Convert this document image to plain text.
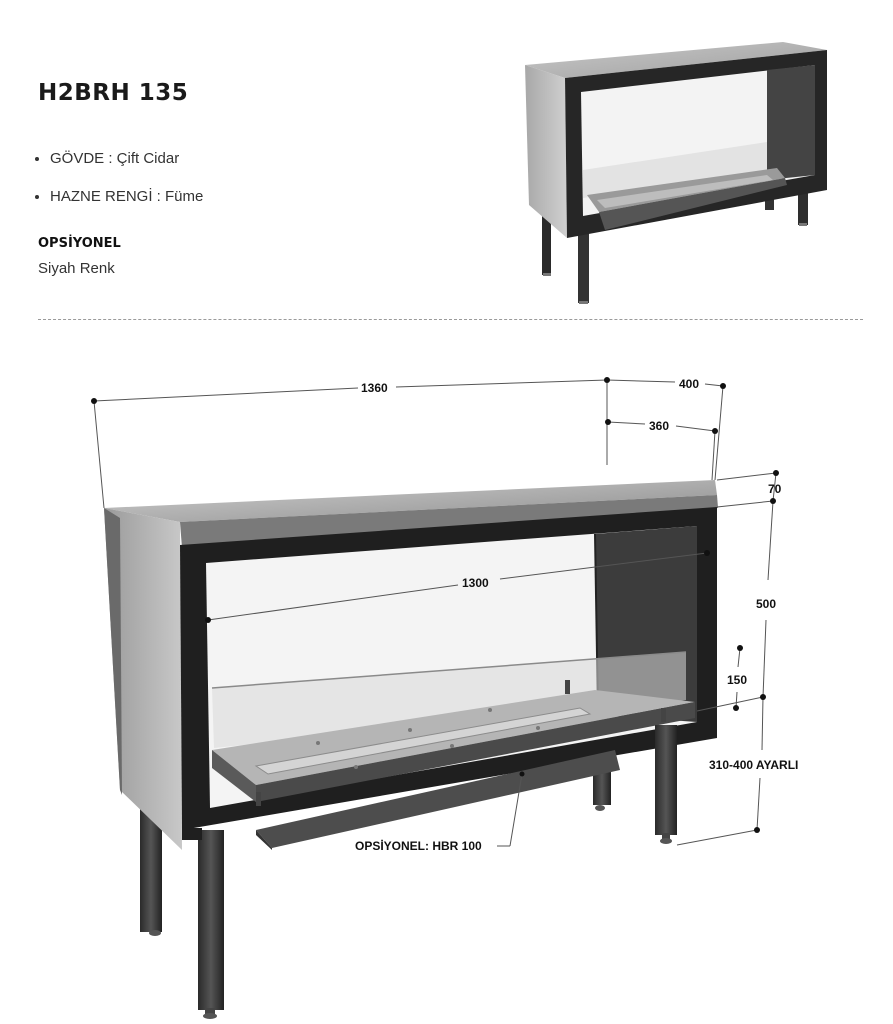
H2BRH 135
• GÖVDE : Çift Cidar
• HAZNE RENGİ : Füme
OPSİYONEL
Siyah Renk
1360	400
360
70
500
1300
150
310-400 AYARLI
OPSİYONEL: HBR 100
